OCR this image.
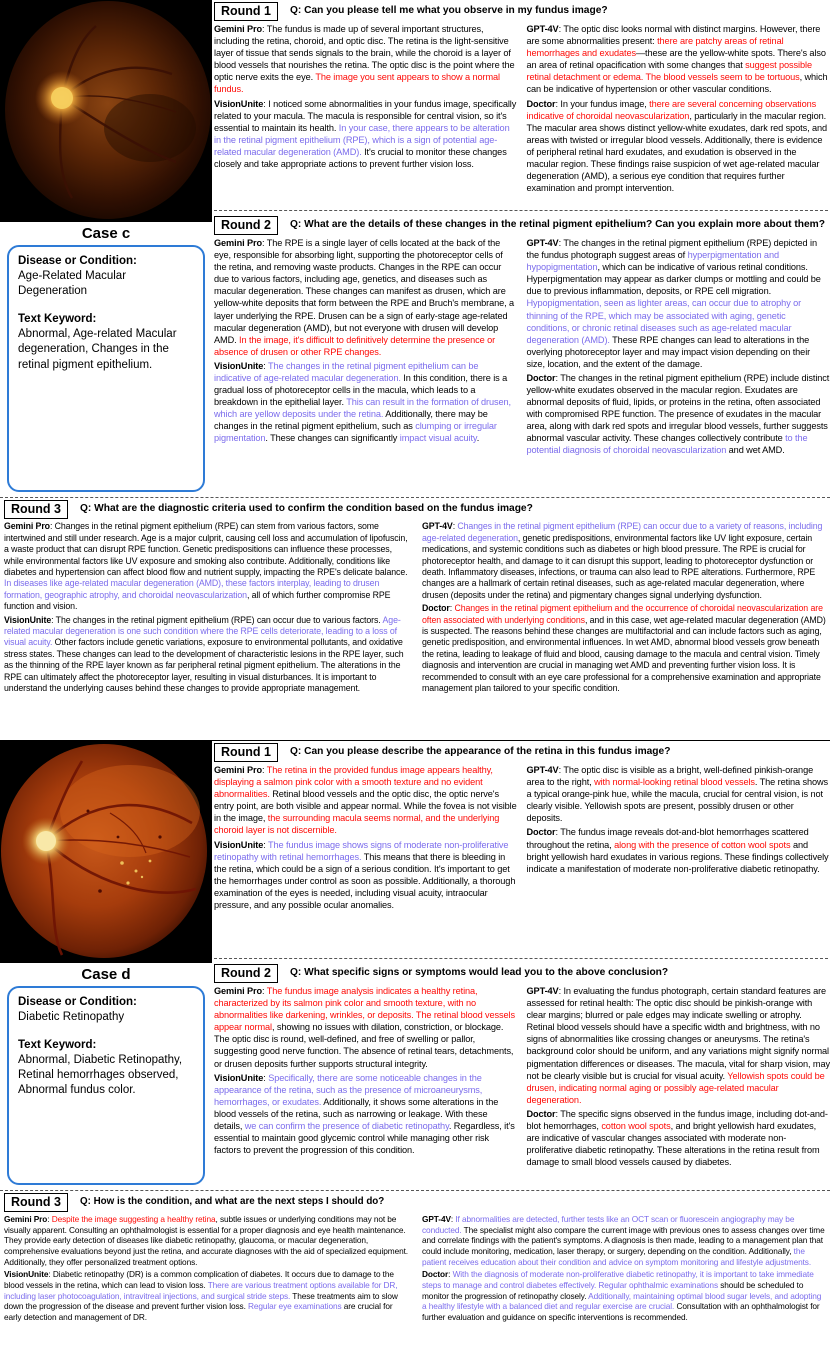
Case c
Disease or Condition:
Age-Related Macular Degeneration
Text Keyword:
Abnormal, Age-related Macular degeneration, Changes in the retinal pigment epithelium.
Round 1	Q: Can you please tell me what you observe in my fundus image?

Gemini Pro: The fundus is made up of several important structures, including the retina, choroid, and optic disc. The retina is the light-sensitive layer of tissue that sends signals to the brain, while the choroid is a layer of blood vessels that nourishes the retina. The optic disc is the point where the optic nerve exits the eye. The image you sent appears to show a normal fundus.

VisionUnite: I noticed some abnormalities in your fundus image, specifically related to your macula. The macula is responsible for central vision, so it's essential to maintain its health. In your case, there appears to be alteration in the retinal pigment epithelium (RPE), which is a sign of potential age-related macular degeneration (AMD). It's crucial to monitor these changes closely and take appropriate actions to prevent further vision loss.

GPT-4V: The optic disc looks normal with distinct margins. However, there are some abnormalities present: there are patchy areas of retinal hemorrhages and exudates—these are the yellow-white spots. There's also an area of retinal opacification with some changes that suggest possible retinal detachment or edema. The blood vessels seem to be tortuous, which can be indicative of hypertension or other vascular conditions.

Doctor: In your fundus image, there are several concerning observations indicative of choroidal neovascularization, particularly in the macular region. The macular area shows distinct yellow-white exudates, dark red spots, and areas with twisted or irregular blood vessels. Additionally, there is evidence of peripheral retinal hard exudates, and exudation is observed in the macular region. These findings raise suspicion of wet age-related macular degeneration (AMD), a serious eye condition that requires further examination and prompt intervention.

Round 2	Q: What are the details of these changes in the retinal pigment epithelium? Can you explain more about them?

Gemini Pro: The RPE is a single layer of cells located at the back of the eye, responsible for absorbing light, supporting the photoreceptor cells of the retina, and removing waste products. Changes in the RPE can occur due to various factors, including age, genetics, and diseases such as macular degeneration. These changes can manifest as drusen, which are yellow-white deposits that form between the RPE and Bruch's membrane, a layer underlying the RPE. Drusen can be a sign of early-stage age-related macular degeneration (AMD), but not everyone with drusen will develop AMD. In the image, it's difficult to definitively determine the presence or absence of drusen or other RPE changes.

VisionUnite: The changes in the retinal pigment epithelium can be indicative of age-related macular degeneration. In this condition, there is a gradual loss of photoreceptor cells in the macula, which leads to a breakdown in the epithelial layer. This can result in the formation of drusen, which are yellow deposits under the retina. Additionally, there may be changes in the retinal pigment epithelium, such as clumping or irregular pigmentation. These changes can significantly impact visual acuity.

GPT-4V: The changes in the retinal pigment epithelium (RPE) depicted in the fundus photograph suggest areas of hyperpigmentation and hypopigmentation, which can be indicative of various retinal conditions. Hyperpigmentation may appear as darker clumps or mottling and could be due to previous inflammation, deposits, or RPE cell migration. Hypopigmentation, seen as lighter areas, can occur due to atrophy or thinning of the RPE, which may be associated with aging, genetic conditions, or chronic retinal diseases such as age-related macular degeneration (AMD). These RPE changes can lead to alterations in the overlying photoreceptor layer and may impact vision depending on their size, location, and the extent of the damage.

Doctor: The changes in the retinal pigment epithelium (RPE) include distinct yellow-white exudates observed in the macular region. Exudates are abnormal deposits of fluid, lipids, or proteins in the retina, often associated with compromised RPE function. The presence of exudates in the macular area, along with dark red spots and irregular blood vessels, further suggests abnormal vascular activity. These changes collectively contribute to the potential diagnosis of choroidal neovascularization and wet AMD.

Round 3	Q: What are the diagnostic criteria used to confirm the condition based on the fundus image?

Gemini Pro: Changes in the retinal pigment epithelium (RPE) can stem from various factors, some intertwined and still under research. Age is a major culprit, causing cell loss and accumulation of lipofuscin, a waste product that can disrupt RPE function. Genetic predispositions can influence these processes, while environmental factors like UV exposure and smoking also contribute. Additionally, conditions like diabetes and hypertension can affect blood flow and nutrient supply, impacting the RPE's delicate balance. In diseases like age-related macular degeneration (AMD), these factors interplay, leading to drusen formation, geographic atrophy, and choroidal neovascularization, all of which further compromise RPE function and vision.

VisionUnite: The changes in the retinal pigment epithelium (RPE) can occur due to various factors. Age-related macular degeneration is one such condition where the RPE cells deteriorate, leading to a loss of visual acuity. Other factors include genetic variations, exposure to environmental pollutants, and oxidative stress states. These changes can lead to the development of characteristic lesions in the RPE layer, such as the thinning of the RPE layer known as far peripheral retinal pigment epithelium. The alterations in the RPE can ultimately affect the photoreceptor layer, resulting in visual disturbances. It is important to understand the underlying causes behind these changes to provide appropriate management.

GPT-4V: Changes in the retinal pigment epithelium (RPE) can occur due to a variety of reasons, including age-related degeneration, genetic predispositions, environmental factors like UV light exposure, certain medications, and systemic conditions such as diabetes or high blood pressure. The RPE is crucial for photoreceptor health, and damage to it can disrupt this support, leading to photoreceptor dysfunction or death. Inflammatory diseases, infections, or trauma can also lead to RPE alterations. Furthermore, RPE changes are a hallmark of certain retinal diseases, such as age-related macular degeneration, where drusen (deposits under the retina) and pigmentary changes signal underlying dysfunction.

Doctor: Changes in the retinal pigment epithelium and the occurrence of choroidal neovascularization are often associated with underlying conditions, and in this case, wet age-related macular degeneration (AMD) is suspected. The reasons behind these changes are multifactorial and can include factors such as aging, genetic predisposition, and environmental influences. In wet AMD, abnormal blood vessels grow beneath the retina, leading to leakage of fluid and blood, causing damage to the macula and central vision. Timely diagnosis and intervention are crucial in managing wet AMD and preventing further vision loss. It is recommended to consult with an eye care professional for a comprehensive examination and appropriate management plan tailored to your specific condition.

Case d
Disease or Condition:
Diabetic Retinopathy
Text Keyword:
Abnormal, Diabetic Retinopathy, Retinal hemorrhages observed, Abnormal fundus color.
Round 1	Q: Can you please describe the appearance of the retina in this fundus image?

Gemini Pro: The retina in the provided fundus image appears healthy, displaying a salmon pink color with a smooth texture and no evident abnormalities. Retinal blood vessels and the optic disc, the optic nerve's entry point, are both visible and appear normal. While the fovea is not visible in the image, the surrounding macula seems normal, and the underlying choroid layer is not discernible.

VisionUnite: The fundus image shows signs of moderate non-proliferative retinopathy with retinal hemorrhages. This means that there is bleeding in the retina, which could be a sign of a serious condition. It's important to get the hemorrhages under control as soon as possible. Additionally, a thorough examination of the eyes is needed, including visual acuity, intraocular pressure, and any possible ocular anomalies.

GPT-4V: The optic disc is visible as a bright, well-defined pinkish-orange area to the right, with normal-looking retinal blood vessels. The retina shows a typical orange-pink hue, while the macula, crucial for central vision, is not clearly visible. Yellowish spots are present, possibly drusen or other deposits.

Doctor: The fundus image reveals dot-and-blot hemorrhages scattered throughout the retina, along with the presence of cotton wool spots and bright yellowish hard exudates in various regions. These findings collectively indicate a manifestation of moderate non-proliferative diabetic retinopathy.

Round 2	Q: What specific signs or symptoms would lead you to the above conclusion?

Gemini Pro: The fundus image analysis indicates a healthy retina, characterized by its salmon pink color and smooth texture, with no abnormalities like darkening, wrinkles, or deposits. The retinal blood vessels appear normal, showing no issues with dilation, constriction, or blockage. The optic disc is round, well-defined, and free of swelling or pallor, suggesting good nerve function. The absence of retinal tears, detachments, or drusen deposits further supports structural integrity.

VisionUnite: Specifically, there are some noticeable changes in the appearance of the retina, such as the presence of microaneurysms, hemorrhages, or exudates. Additionally, it shows some alterations in the blood vessels of the retina, such as narrowing or leakage. With these details, we can confirm the presence of diabetic retinopathy. Regardless, it's essential to maintain good glycemic control while managing other risk factors to prevent the progression of this condition.

GPT-4V: In evaluating the fundus photograph, certain standard features are assessed for retinal health: The optic disc should be pinkish-orange with clear margins; blurred or pale edges may indicate swelling or atrophy. Retinal blood vessels should have a specific width and brightness, with no signs of abnormalities like crossing changes or aneurysms. The retina's background color should be uniform, and any variations might signify normal pigmentation differences or diseases. The macula, vital for sharp vision, may not be clearly visible but is crucial for visual acuity. Yellowish spots could be drusen, indicating normal aging or possibly age-related macular degeneration.

Doctor: The specific signs observed in the fundus image, including dot-and-blot hemorrhages, cotton wool spots, and bright yellowish hard exudates, are indicative of vascular changes associated with moderate non-proliferative diabetic retinopathy. These alterations in the retina result from damage to small blood vessels caused by diabetes.

Round 3	Q: How is the condition, and what are the next steps I should do?

Gemini Pro: Despite the image suggesting a healthy retina, subtle issues or underlying conditions may not be visually apparent. Consulting an ophthalmologist is essential for a proper diagnosis and eye health maintenance. They provide early detection of diseases like diabetic retinopathy, glaucoma, or macular degeneration, comprehensive evaluations beyond just the retina, and accurate diagnoses with the aid of specialized equipment. Additionally, they offer personalized treatment options.

VisionUnite: Diabetic retinopathy (DR) is a common complication of diabetes. It occurs due to damage to the blood vessels in the retina, which can lead to vision loss. There are various treatment options available for DR, including laser photocoagulation, intravitreal injections, and surgical stride steps. These treatments aim to slow down the progression of the disease and prevent further vision loss. Regular eye examinations are crucial for early detection and management of DR.

GPT-4V: If abnormalities are detected, further tests like an OCT scan or fluorescein angiography may be conducted. The specialist might also compare the current image with previous ones to assess changes over time and correlate findings with the patient's symptoms. A diagnosis is then made, leading to a management plan that could include monitoring, medication, laser therapy, or surgery, depending on the condition. Additionally, the patient receives education about their condition and advice on symptom monitoring and lifestyle adjustments.

Doctor: With the diagnosis of moderate non-proliferative diabetic retinopathy, it is important to take immediate steps to manage and control diabetes effectively. Regular ophthalmic examinations should be scheduled to monitor the progression of retinopathy closely. Additionally, maintaining optimal blood sugar levels, and adopting a healthy lifestyle with a balanced diet and regular exercise are crucial. Consultation with an ophthalmologist for further evaluation and guidance on specific interventions is recommended.
